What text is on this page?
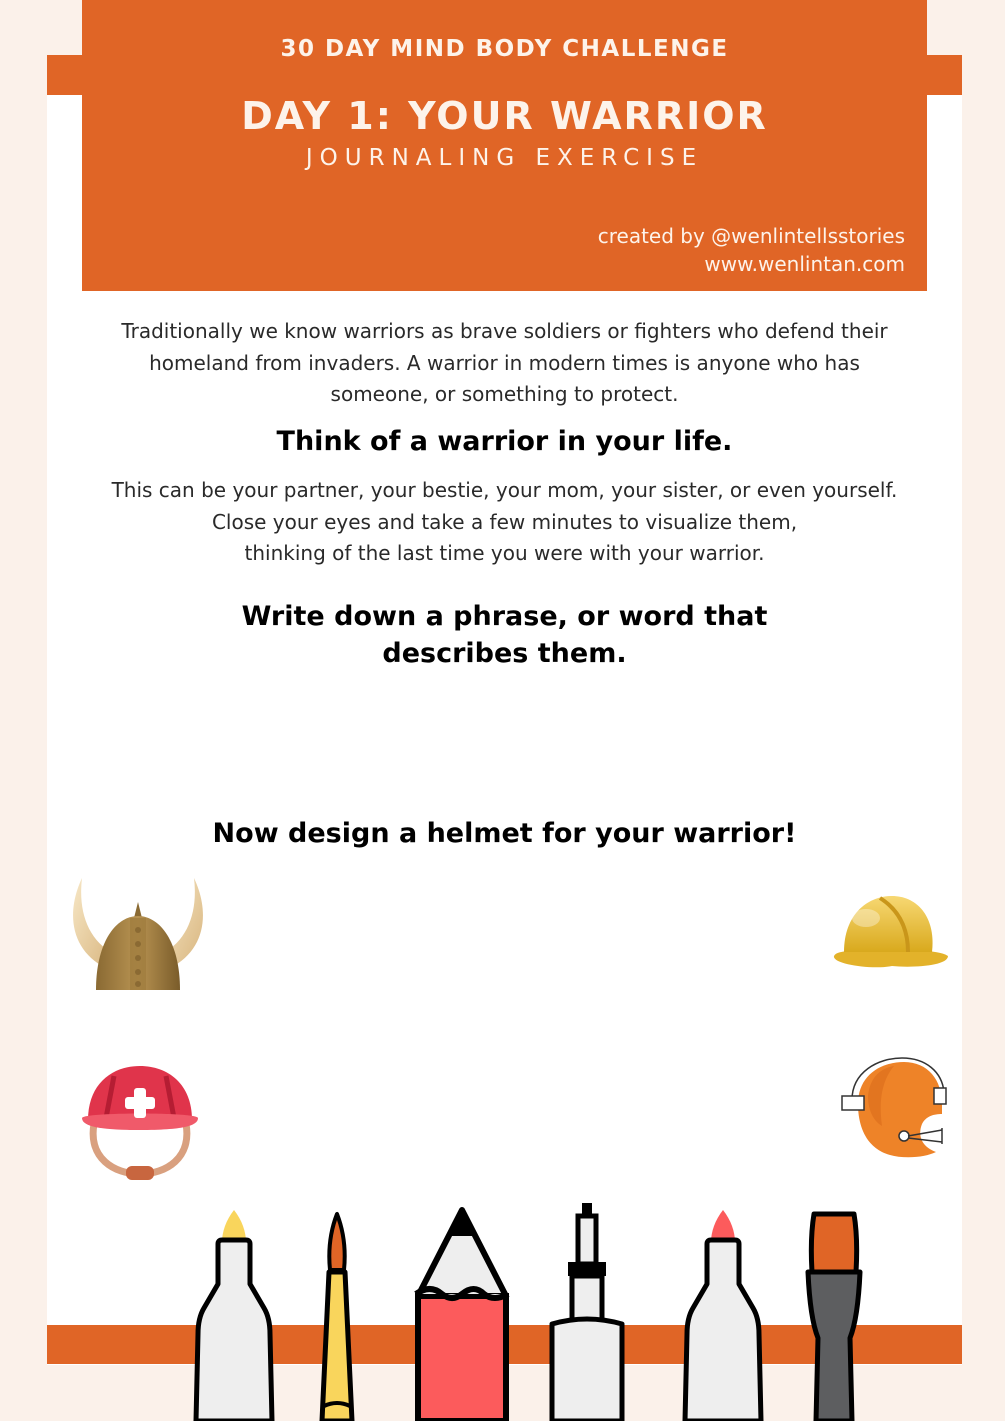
30 DAY MIND BODY CHALLENGE
DAY 1: YOUR WARRIOR
JOURNALING EXERCISE
created by @wenlintellsstories
www.wenlintan.com
Traditionally we know warriors as brave soldiers or fighters who defend their
homeland from invaders. A warrior in modern times is anyone who has
someone, or something to protect.
Think of a warrior in your life.
This can be your partner, your bestie, your mom, your sister, or even yourself.
Close your eyes and take a few minutes to visualize them,
thinking of the last time you were with your warrior.
Write down a phrase, or word that
describes them.
Now design a helmet for your warrior!
